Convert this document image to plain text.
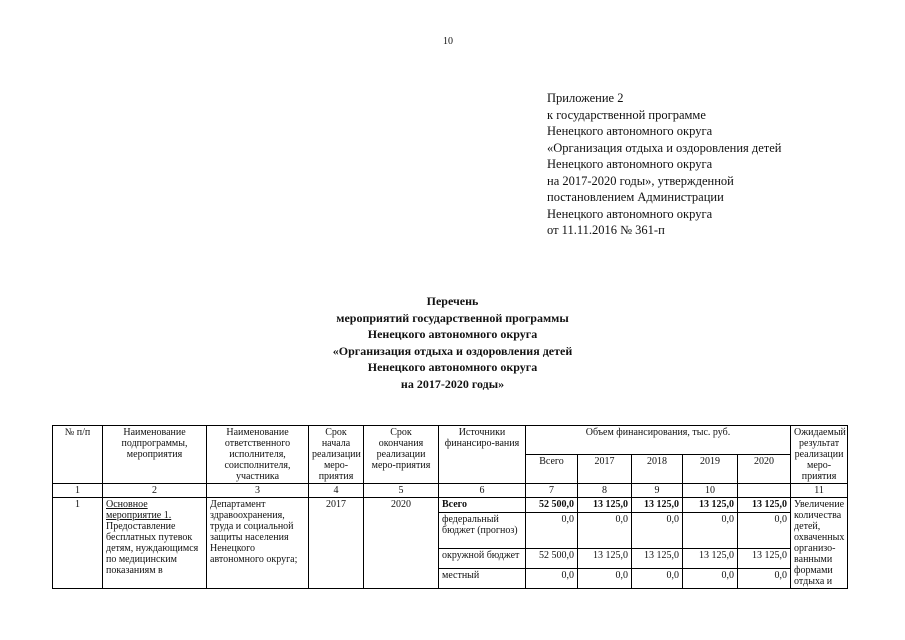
10
Приложение 2
к государственной программе
Ненецкого автономного округа
«Организация отдыха и оздоровления детей
Ненецкого автономного округа
на 2017-2020 годы», утвержденной
постановлением Администрации
Ненецкого автономного округа
от 11.11.2016 № 361-п
Перечень
мероприятий государственной программы
Ненецкого автономного округа
«Организация отдыха и оздоровления детей
Ненецкого автономного округа
на 2017-2020 годы»
№ п/п	Наименование подпрограммы, мероприятия	Наименование ответственного исполнителя, соисполнителя, участника	Срок начала реализации меро-приятия	Срок окончания реализации меро-приятия	Источники финансиро-вания	Объем финансирования, тыс. руб.					Ожидаемый результат реализации меро-приятия
						Всего	2017	2018	2019	2020	
1	2	3	4	5	6	7	8	9	10		11
1	Основное мероприятие 1. Предоставление бесплатных путевок детям, нуждающимся по медицинским показаниям в	Департамент здравоохранения, труда и социальной защиты населения Ненецкого автономного округа;	2017	2020	Всего	52 500,0	13 125,0	13 125,0	13 125,0	13 125,0	Увеличение количества детей, охваченных организо-ванными формами отдыха и
					федеральный бюджет (прогноз)	0,0	0,0	0,0	0,0	0,0	
					окружной бюджет	52 500,0	13 125,0	13 125,0	13 125,0	13 125,0	
					местный	0,0	0,0	0,0	0,0	0,0	
